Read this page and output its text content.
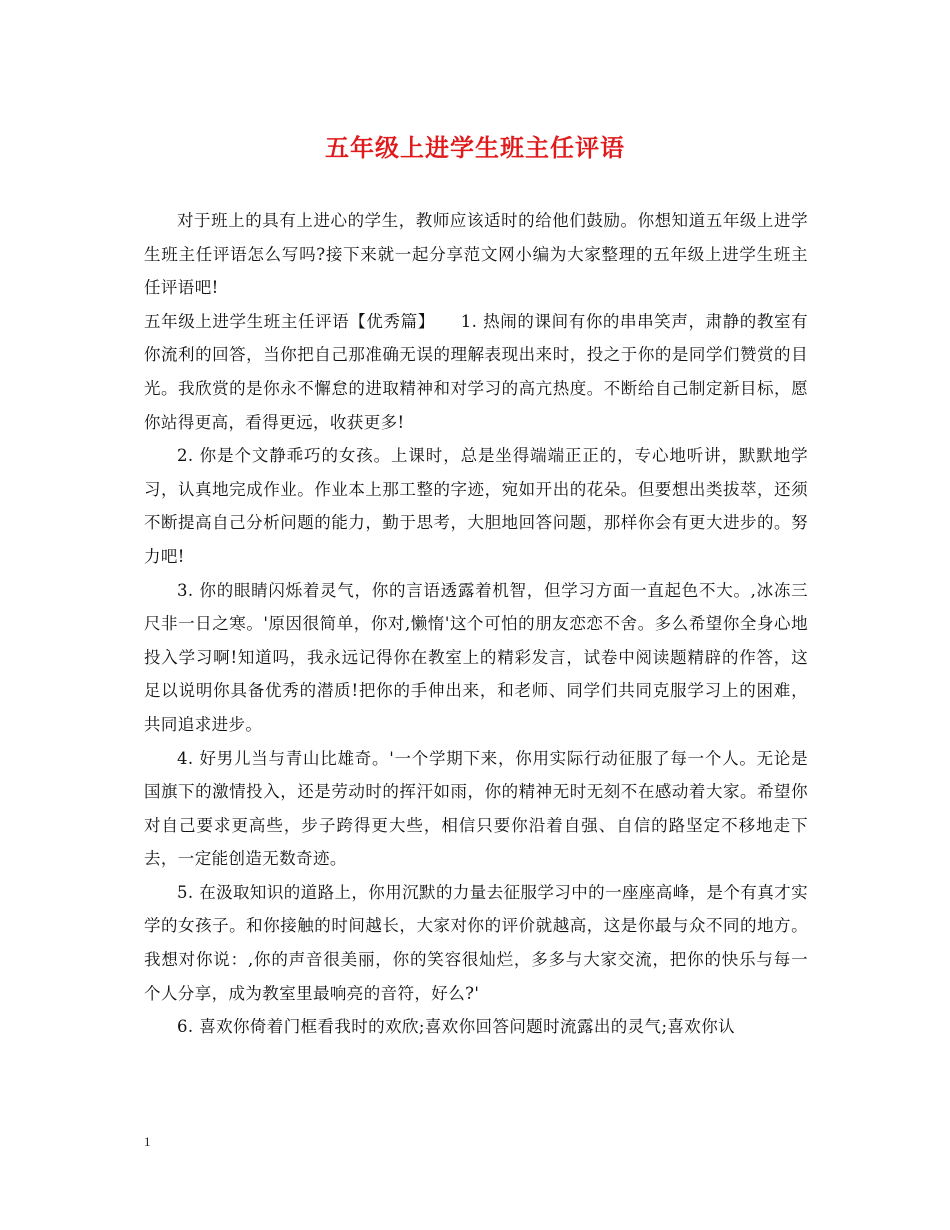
五年级上进学生班主任评语

对于班上的具有上进心的学生，教师应该适时的给他们鼓励。你想知道五年级上进学生班主任评语怎么写吗?接下来就一起分享范文网小编为大家整理的五年级上进学生班主任评语吧!

五年级上进学生班主任评语【优秀篇】　　1. 热闹的课间有你的串串笑声，肃静的教室有你流利的回答，当你把自己那准确无误的理解表现出来时，投之于你的是同学们赞赏的目光。我欣赏的是你永不懈怠的进取精神和对学习的高亢热度。不断给自己制定新目标，愿你站得更高，看得更远，收获更多!

2. 你是个文静乖巧的女孩。上课时，总是坐得端端正正的，专心地听讲，默默地学习，认真地完成作业。作业本上那工整的字迹，宛如开出的花朵。但要想出类拔萃，还须不断提高自己分析问题的能力，勤于思考，大胆地回答问题，那样你会有更大进步的。努力吧!

3. 你的眼睛闪烁着灵气，你的言语透露着机智，但学习方面一直起色不大。,冰冻三尺非一日之寒。'原因很简单，你对,懒惰'这个可怕的朋友恋恋不舍。多么希望你全身心地投入学习啊!知道吗，我永远记得你在教室上的精彩发言，试卷中阅读题精辟的作答，这足以说明你具备优秀的潜质!把你的手伸出来，和老师、同学们共同克服学习上的困难，共同追求进步。

4. 好男儿当与青山比雄奇。'一个学期下来，你用实际行动征服了每一个人。无论是国旗下的激情投入，还是劳动时的挥汗如雨，你的精神无时无刻不在感动着大家。希望你对自己要求更高些，步子跨得更大些，相信只要你沿着自强、自信的路坚定不移地走下去，一定能创造无数奇迹。

5. 在汲取知识的道路上，你用沉默的力量去征服学习中的一座座高峰，是个有真才实学的女孩子。和你接触的时间越长，大家对你的评价就越高，这是你最与众不同的地方。我想对你说：,你的声音很美丽，你的笑容很灿烂，多多与大家交流，把你的快乐与每一个人分享，成为教室里最响亮的音符，好么?'

6. 喜欢你倚着门框看我时的欢欣;喜欢你回答问题时流露出的灵气;喜欢你认

1
